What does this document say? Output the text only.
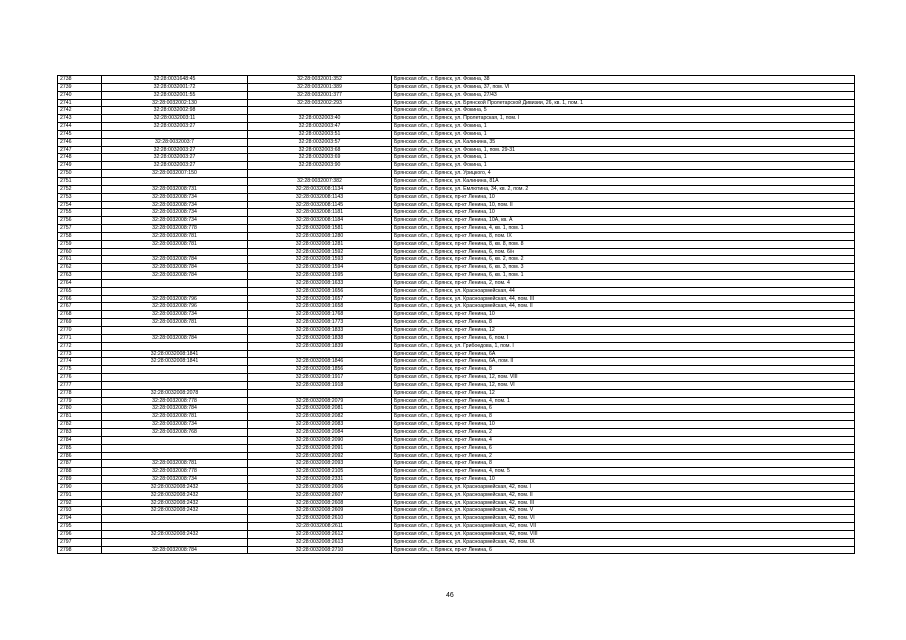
2738	32:28:0031648:45	32:28:0032001:352	Брянская обл., г. Брянск, ул. Фокина, 38
2739	32:28:0032001:72	32:28:0032001:389	Брянская обл., г. Брянск, ул. Фокина, 37, пом. VI
2740	32:28:0032001:55	32:28:0032001:377	Брянская обл., г. Брянск, ул. Фокина, 27/43
2741	32:28:0032002:130	32:28:0032002:293	Брянская обл., г. Брянск, ул. Брянской Пролетарской Дивизии, 26, кв. 1, пом. 1
2742	32:28:0032002:98		Брянская обл., г. Брянск, ул. Фокина, 5
2743	32:28:0032003:11	32:28:0032003:40	Брянская обл., г. Брянск, ул. Пролетарская, 1, пом. I
2744	32:28:0032003:27	32:28:0032003:47	Брянская обл., г. Брянск, ул. Фокина, 1
2745		32:28:0032003:51	Брянская обл., г. Брянск, ул. Фокина, 1
2746	32:28:0032003:7	32:28:0032003:57	Брянская обл., г. Брянск, ул. Калинина, 35
2747	32:28:0032003:27	32:28:0032003:68	Брянская обл., г. Брянск, ул. Фокина, 1, пом. 29-31
2748	32:28:0032003:27	32:28:0032003:69	Брянская обл., г. Брянск, ул. Фокина, 1
2749	32:28:0032003:27	32:28:0032003:90	Брянская обл., г. Брянск, ул. Фокина, 1
2750	32:28:0032007:150		Брянская обл., г. Брянск, ул. Урицкого, 4
2751		32:28:0032007:382	Брянская обл., г. Брянск, ул. Калинина, 81А
2752	32:28:0032008:731	32:28:0032008:1134	Брянская обл., г. Брянск, ул. Емлютина, 34, кв. 2, пом. 2
2753	32:28:0032008:734	32:28:0032008:1143	Брянская обл., г. Брянск, пр-кт Ленина, 10
2754	32:28:0032008:734	32:28:0032008:1145	Брянская обл., г. Брянск, пр-кт Ленина, 10, пом. II
2755	32:28:0032008:734	32:28:0032008:1181	Брянская обл., г. Брянск, пр-кт Ленина, 10
2756	32:28:0032008:734	32:28:0032008:1184	Брянская обл., г. Брянск, пр-кт Ленина, 10А, кв. А
2757	32:28:0032008:778	32:28:0032008:1581	Брянская обл., г. Брянск, пр-кт Ленина, 4, кв. 1, пом. 1
2758	32:28:0032008:781	32:28:0032008:1280	Брянская обл., г. Брянск, пр-кт Ленина, 8, пом. IX
2759	32:28:0032008:781	32:28:0032008:1281	Брянская обл., г. Брянск, пр-кт Ленина, 8, кв. 8, пом. 8
2760		32:28:0032008:1592	Брянская обл., г. Брянск, пр-кт Ленина, 6, пом. 6/н
2761	32:28:0032008:784	32:28:0032008:1593	Брянская обл., г. Брянск, пр-кт Ленина, 6, кв. 2, пом. 2
2762	32:28:0032008:784	32:28:0032008:1594	Брянская обл., г. Брянск, пр-кт Ленина, 6, кв. 3, пом. 3
2763	32:28:0032008:784	32:28:0032008:1595	Брянская обл., г. Брянск, пр-кт Ленина, 6, кв. 1, пом. 1
2764		32:28:0032008:1633	Брянская обл., г. Брянск, пр-кт Ленина, 2, пом. 4
2765		32:28:0032008:1656	Брянская обл., г. Брянск, ул. Красноармейская, 44
2766	32:28:0032008:796	32:28:0032008:1657	Брянская обл., г. Брянск, ул. Красноармейская, 44, пом. III
2767	32:28:0032008:796	32:28:0032008:1658	Брянская обл., г. Брянск, ул. Красноармейская, 44, пом. II
2768	32:28:0032008:734	32:28:0032008:1768	Брянская обл., г. Брянск, пр-кт Ленина, 10
2769	32:28:0032008:781	32:28:0032008:1773	Брянская обл., г. Брянск, пр-кт Ленина, 8
2770		32:28:0032008:1833	Брянская обл., г. Брянск, пр-кт Ленина, 12
2771	32:28:0032008:784	32:28:0032008:1838	Брянская обл., г. Брянск, пр-кт Ленина, 6, пом. I
2772		32:28:0032008:1839	Брянская обл., г. Брянск, ул. Грибоедова, 1, пом. I
2773	32:28:0032008:1841		Брянская обл., г. Брянск, пр-кт Ленина, 6А
2774	32:28:0032008:1841	32:28:0032008:1846	Брянская обл., г. Брянск, пр-кт Ленина, 6А, пом. II
2775		32:28:0032008:1856	Брянская обл., г. Брянск, пр-кт Ленина, 8
2776		32:28:0032008:1917	Брянская обл., г. Брянск, пр-кт Ленина, 12, пом. VIII
2777		32:28:0032008:1918	Брянская обл., г. Брянск, пр-кт Ленина, 12, пом. VI
2778	32:28:0032008:2078		Брянская обл., г. Брянск, пр-кт Ленина, 12
2779	32:28:0032008:778	32:28:0032008:2079	Брянская обл., г. Брянск, пр-кт Ленина, 4, пом. 1
2780	32:28:0032008:784	32:28:0032008:2081	Брянская обл., г. Брянск, пр-кт Ленина, 6
2781	32:28:0032008:781	32:28:0032008:2082	Брянская обл., г. Брянск, пр-кт Ленина, 8
2782	32:28:0032008:734	32:28:0032008:2083	Брянская обл., г. Брянск, пр-кт Ленина, 10
2783	32:28:0032008:768	32:28:0032008:2084	Брянская обл., г. Брянск, пр-кт Ленина, 2
2784		32:28:0032008:2090	Брянская обл., г. Брянск, пр-кт Ленина, 4
2785		32:28:0032008:2091	Брянская обл., г. Брянск, пр-кт Ленина, 6
2786		32:28:0032008:2092	Брянская обл., г. Брянск, пр-кт Ленина, 2
2787	32:28:0032008:781	32:28:0032008:2093	Брянская обл., г. Брянск, пр-кт Ленина, 8
2788	32:28:0032008:778	32:28:0032008:2105	Брянская обл., г. Брянск, пр-кт Ленина, 4, пом. 5
2789	32:28:0032008:734	32:28:0032008:2331	Брянская обл., г. Брянск, пр-кт Ленина, 10
2790	32:28:0032008:2432	32:28:0032008:2606	Брянская обл., г. Брянск, ул. Красноармейская, 42, пом. I
2791	32:28:0032008:2432	32:28:0032008:2607	Брянская обл., г. Брянск, ул. Красноармейская, 42, пом. II
2792	32:28:0032008:2432	32:28:0032008:2608	Брянская обл., г. Брянск, ул. Красноармейская, 42, пом. III
2793	32:28:0032008:2432	32:28:0032008:2609	Брянская обл., г. Брянск, ул. Красноармейская, 42, пом. V
2794		32:28:0032008:2610	Брянская обл., г. Брянск, ул. Красноармейская, 42, пом. VI
2795		32:28:0032008:2611	Брянская обл., г. Брянск, ул. Красноармейская, 42, пом. VII
2796	32:28:0032008:2432	32:28:0032008:2612	Брянская обл., г. Брянск, ул. Красноармейская, 42, пом. VIII
2797		32:28:0032008:2613	Брянская обл., г. Брянск, ул. Красноармейская, 42, пом. IX
2798	32:28:0032008:784	32:28:0032008:2710	Брянская обл., г. Брянск, пр-кт Ленина, 6
46
